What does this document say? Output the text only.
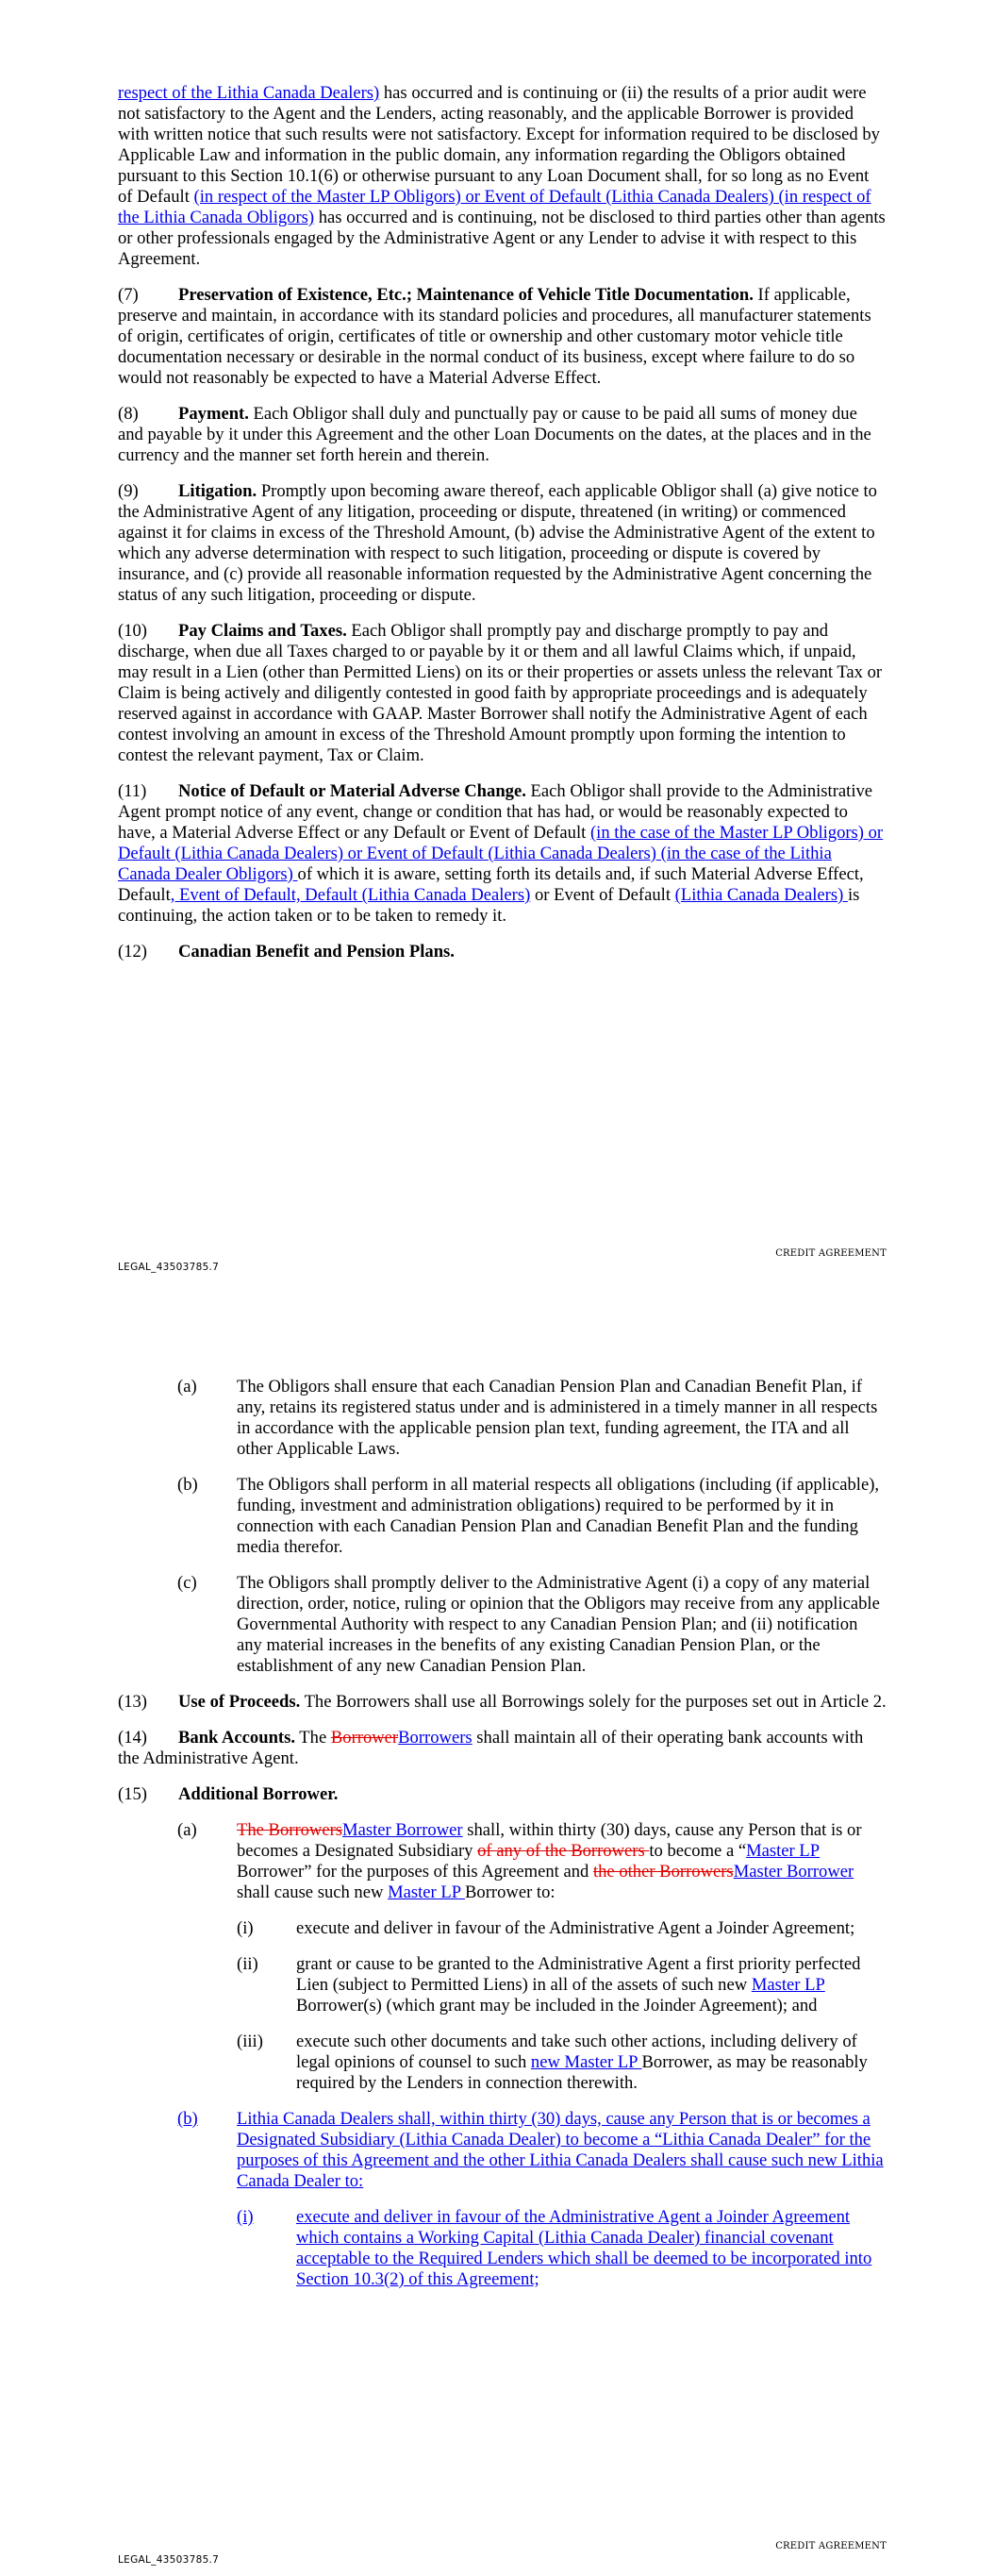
respect of the Lithia Canada Dealers) has occurred and is continuing or (ii) the results of a prior audit were not satisfactory to the Agent and the Lenders, acting reasonably, and the applicable Borrower is provided with written notice that such results were not satisfactory. Except for information required to be disclosed by Applicable Law and information in the public domain, any information regarding the Obligors obtained pursuant to this Section 10.1(6) or otherwise pursuant to any Loan Document shall, for so long as no Event of Default (in respect of the Master LP Obligors) or Event of Default (Lithia Canada Dealers) (in respect of the Lithia Canada Obligors) has occurred and is continuing, not be disclosed to third parties other than agents or other professionals engaged by the Administrative Agent or any Lender to advise it with respect to this Agreement.

(7) Preservation of Existence, Etc.; Maintenance of Vehicle Title Documentation. If applicable, preserve and maintain, in accordance with its standard policies and procedures, all manufacturer statements of origin, certificates of origin, certificates of title or ownership and other customary motor vehicle title documentation necessary or desirable in the normal conduct of its business, except where failure to do so would not reasonably be expected to have a Material Adverse Effect.

(8) Payment. Each Obligor shall duly and punctually pay or cause to be paid all sums of money due and payable by it under this Agreement and the other Loan Documents on the dates, at the places and in the currency and the manner set forth herein and therein.

(9) Litigation. Promptly upon becoming aware thereof, each applicable Obligor shall (a) give notice to the Administrative Agent of any litigation, proceeding or dispute, threatened (in writing) or commenced against it for claims in excess of the Threshold Amount, (b) advise the Administrative Agent of the extent to which any adverse determination with respect to such litigation, proceeding or dispute is covered by insurance, and (c) provide all reasonable information requested by the Administrative Agent concerning the status of any such litigation, proceeding or dispute.

(10) Pay Claims and Taxes. Each Obligor shall promptly pay and discharge promptly to pay and discharge, when due all Taxes charged to or payable by it or them and all lawful Claims which, if unpaid, may result in a Lien (other than Permitted Liens) on its or their properties or assets unless the relevant Tax or Claim is being actively and diligently contested in good faith by appropriate proceedings and is adequately reserved against in accordance with GAAP. Master Borrower shall notify the Administrative Agent of each contest involving an amount in excess of the Threshold Amount promptly upon forming the intention to contest the relevant payment, Tax or Claim.

(11) Notice of Default or Material Adverse Change. Each Obligor shall provide to the Administrative Agent prompt notice of any event, change or condition that has had, or would be reasonably expected to have, a Material Adverse Effect or any Default or Event of Default (in the case of the Master LP Obligors) or Default (Lithia Canada Dealers) or Event of Default (Lithia Canada Dealers) (in the case of the Lithia Canada Dealer Obligors) of which it is aware, setting forth its details and, if such Material Adverse Effect, Default, Event of Default, Default (Lithia Canada Dealers) or Event of Default (Lithia Canada Dealers) is continuing, the action taken or to be taken to remedy it.

(12) Canadian Benefit and Pension Plans.

CREDIT AGREEMENT
LEGAL_43503785.7
(a) The Obligors shall ensure that each Canadian Pension Plan and Canadian Benefit Plan, if any, retains its registered status under and is administered in a timely manner in all respects in accordance with the applicable pension plan text, funding agreement, the ITA and all other Applicable Laws.
(b) The Obligors shall perform in all material respects all obligations (including (if applicable), funding, investment and administration obligations) required to be performed by it in connection with each Canadian Pension Plan and Canadian Benefit Plan and the funding media therefor.
(c) The Obligors shall promptly deliver to the Administrative Agent (i) a copy of any material direction, order, notice, ruling or opinion that the Obligors may receive from any applicable Governmental Authority with respect to any Canadian Pension Plan; and (ii) notification any material increases in the benefits of any existing Canadian Pension Plan, or the establishment of any new Canadian Pension Plan.

(13) Use of Proceeds. The Borrowers shall use all Borrowings solely for the purposes set out in Article 2.

(14) Bank Accounts. The BorrowerBorrowers shall maintain all of their operating bank accounts with the Administrative Agent.

(15) Additional Borrower.

(a) The BorrowersMaster Borrower shall, within thirty (30) days, cause any Person that is or becomes a Designated Subsidiary of any of the Borrowers to become a “Master LP Borrower” for the purposes of this Agreement and the other BorrowersMaster Borrower shall cause such new Master LP Borrower to:
(i) execute and deliver in favour of the Administrative Agent a Joinder Agreement;
(ii) grant or cause to be granted to the Administrative Agent a first priority perfected Lien (subject to Permitted Liens) in all of the assets of such new Master LP Borrower(s) (which grant may be included in the Joinder Agreement); and
(iii) execute such other documents and take such other actions, including delivery of legal opinions of counsel to such new Master LP Borrower, as may be reasonably required by the Lenders in connection therewith.
(b) Lithia Canada Dealers shall, within thirty (30) days, cause any Person that is or becomes a Designated Subsidiary (Lithia Canada Dealer) to become a “Lithia Canada Dealer” for the purposes of this Agreement and the other Lithia Canada Dealers shall cause such new Lithia Canada Dealer to:
(i) execute and deliver in favour of the Administrative Agent a Joinder Agreement which contains a Working Capital (Lithia Canada Dealer) financial covenant acceptable to the Required Lenders which shall be deemed to be incorporated into Section 10.3(2) of this Agreement;
CREDIT AGREEMENT
LEGAL_43503785.7
